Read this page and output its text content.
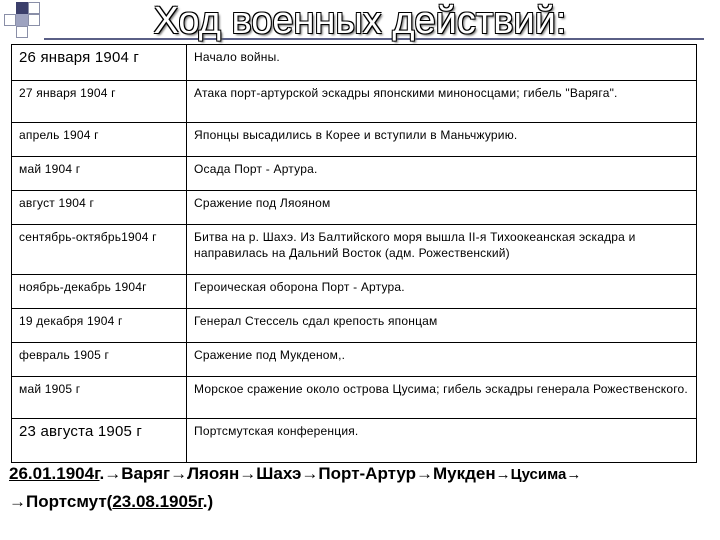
Ход военных действий:
26 января 1904 г	Начало войны.
27 января 1904 г	Атака порт-артурской эскадры японскими миноносцами; гибель "Варяга".
апрель 1904 г	Японцы высадились в Корее и вступили в Маньчжурию.
май 1904 г	Осада Порт - Артура.
август 1904 г	Сражение под Ляояном
сентябрь-октябрь1904 г	Битва на р. Шахэ. Из Балтийского моря вышла II-я Тихоокеанская эскадра и направилась на Дальний Восток (адм. Рожественский)
ноябрь-декабрь 1904г	Героическая оборона Порт - Артура.
19 декабря 1904 г	Генерал Стессель сдал крепость японцам
февраль 1905 г	Сражение под Мукденом,.
май 1905 г	Морское сражение около острова Цусима; гибель эскадры генерала Рожественского.
23 августа 1905 г	Портсмутская конференция.
26.01.1904г.→Варяг→Ляоян→Шахэ→Порт-Артур→Мукден→Цусима→
→Портсмут(23.08.1905г.)
